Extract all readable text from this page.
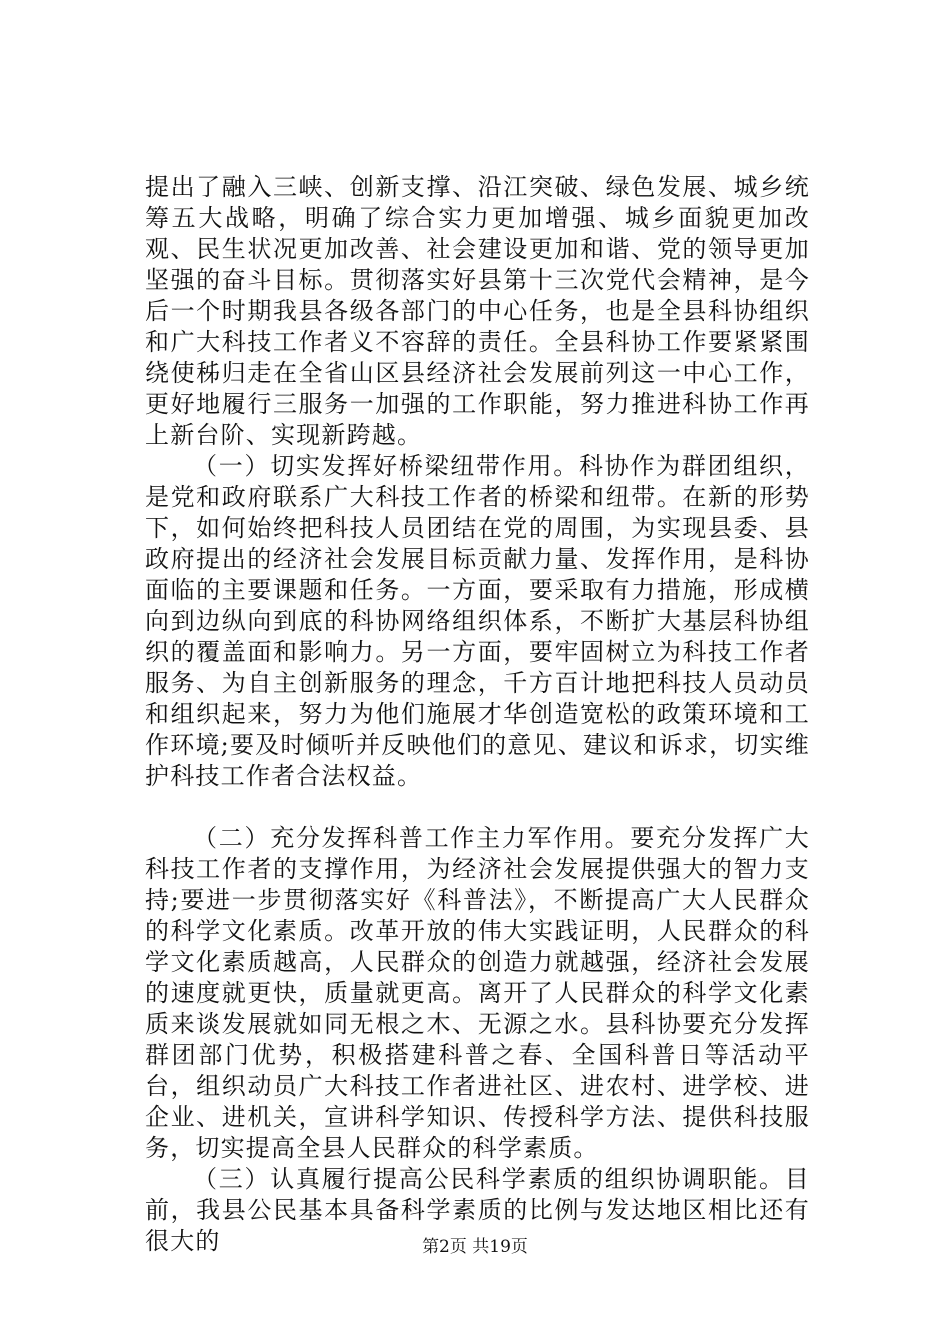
提出了融入三峡、创新支撑、沿江突破、绿色发展、城乡统筹五大战略，明确了综合实力更加增强、城乡面貌更加改观、民生状况更加改善、社会建设更加和谐、党的领导更加坚强的奋斗目标。贯彻落实好县第十三次党代会精神，是今后一个时期我县各级各部门的中心任务，也是全县科协组织和广大科技工作者义不容辞的责任。全县科协工作要紧紧围绕使秭归走在全省山区县经济社会发展前列这一中心工作，更好地履行三服务一加强的工作职能，努力推进科协工作再上新台阶、实现新跨越。

（一）切实发挥好桥梁纽带作用。科协作为群团组织，是党和政府联系广大科技工作者的桥梁和纽带。在新的形势下，如何始终把科技人员团结在党的周围，为实现县委、县政府提出的经济社会发展目标贡献力量、发挥作用，是科协面临的主要课题和任务。一方面，要采取有力措施，形成横向到边纵向到底的科协网络组织体系，不断扩大基层科协组织的覆盖面和影响力。另一方面，要牢固树立为科技工作者服务、为自主创新服务的理念，千方百计地把科技人员动员和组织起来，努力为他们施展才华创造宽松的政策环境和工作环境;要及时倾听并反映他们的意见、建议和诉求，切实维护科技工作者合法权益。

（二）充分发挥科普工作主力军作用。要充分发挥广大科技工作者的支撑作用，为经济社会发展提供强大的智力支持;要进一步贯彻落实好《科普法》，不断提高广大人民群众的科学文化素质。改革开放的伟大实践证明，人民群众的科学文化素质越高，人民群众的创造力就越强，经济社会发展的速度就更快，质量就更高。离开了人民群众的科学文化素质来谈发展就如同无根之木、无源之水。县科协要充分发挥群团部门优势，积极搭建科普之春、全国科普日等活动平台，组织动员广大科技工作者进社区、进农村、进学校、进企业、进机关，宣讲科学知识、传授科学方法、提供科技服务，切实提高全县人民群众的科学素质。

（三）认真履行提高公民科学素质的组织协调职能。目前，我县公民基本具备科学素质的比例与发达地区相比还有很大的	第2页 共19页
